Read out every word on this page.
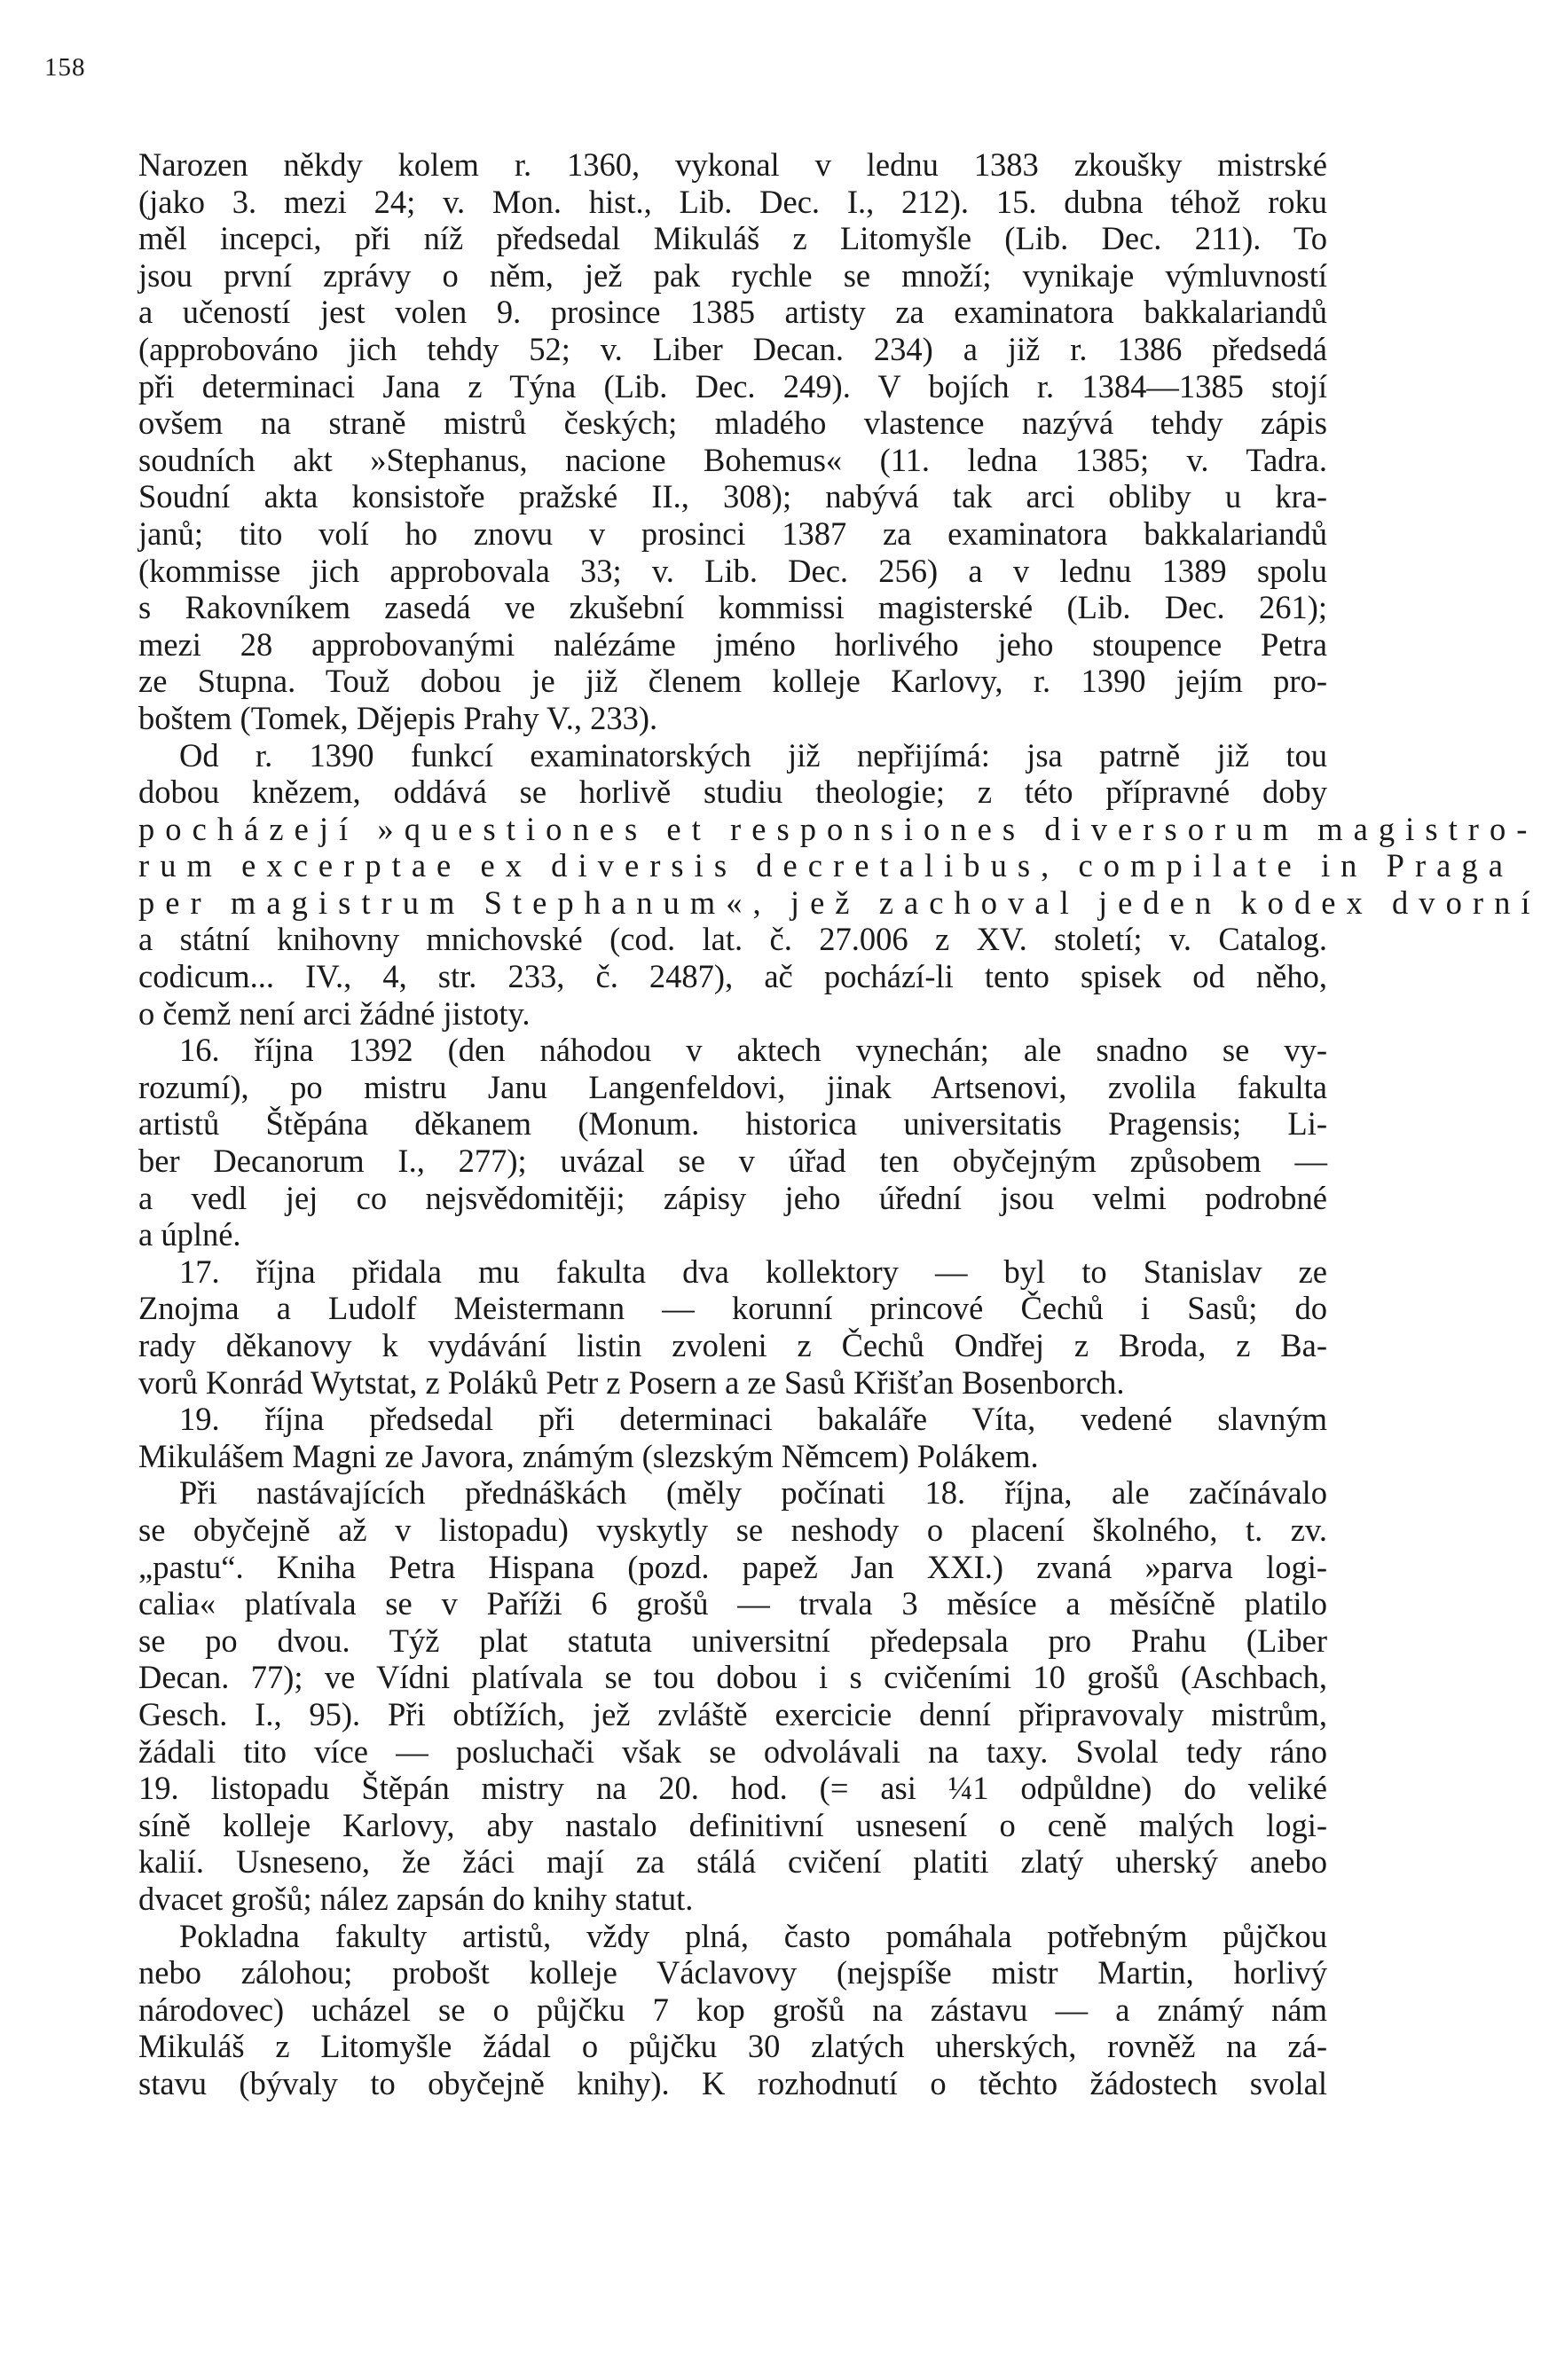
158
Narozen někdy kolem r. 1360, vykonal v lednu 1383 zkoušky mistrské
(jako 3. mezi 24; v. Mon. hist., Lib. Dec. I., 212). 15. dubna téhož roku
měl incepci, při níž předsedal Mikuláš z Litomyšle (Lib. Dec. 211). To
jsou první zprávy o něm, jež pak rychle se množí; vynikaje výmluvností
a učeností jest volen 9. prosince 1385 artisty za examinatora bakkalariandů
(approbováno jich tehdy 52; v. Liber Decan. 234) a již r. 1386 předsedá
při determinaci Jana z Týna (Lib. Dec. 249). V bojích r. 1384—1385 stojí
ovšem na straně mistrů českých; mladého vlastence nazývá tehdy zápis
soudních akt »Stephanus, nacione Bohemus« (11. ledna 1385; v. Tadra.
Soudní akta konsistoře pražské II., 308); nabývá tak arci obliby u kra-
janů; tito volí ho znovu v prosinci 1387 za examinatora bakkalariandů
(kommisse jich approbovala 33; v. Lib. Dec. 256) a v lednu 1389 spolu
s Rakovníkem zasedá ve zkušební kommissi magisterské (Lib. Dec. 261);
mezi 28 approbovanými nalézáme jméno horlivého jeho stoupence Petra
ze Stupna. Touž dobou je již členem kolleje Karlovy, r. 1390 jejím pro-
boštem (Tomek, Dějepis Prahy V., 233).
Od r. 1390 funkcí examinatorských již nepřijímá: jsa patrně již tou
dobou knězem, oddává se horlivě studiu theologie; z této přípravné doby
pocházejí »questiones et responsiones diversorum magistro-
rum excerptae ex diversis decretalibus, compilate in Praga
per magistrum Stephanum«, jež zachoval jeden kodex dvorní
a státní knihovny mnichovské (cod. lat. č. 27.006 z XV. století; v. Catalog.
codicum... IV., 4, str. 233, č. 2487), ač pochází-li tento spisek od něho,
o čemž není arci žádné jistoty.
16. října 1392 (den náhodou v aktech vynechán; ale snadno se vy-
rozumí), po mistru Janu Langenfeldovi, jinak Artsenovi, zvolila fakulta
artistů Štěpána děkanem (Monum. historica universitatis Pragensis; Li-
ber Decanorum I., 277); uvázal se v úřad ten obyčejným způsobem —
a vedl jej co nejsvědomitěji; zápisy jeho úřední jsou velmi podrobné
a úplné.
17. října přidala mu fakulta dva kollektory — byl to Stanislav ze
Znojma a Ludolf Meistermann — korunní princové Čechů i Sasů; do
rady děkanovy k vydávání listin zvoleni z Čechů Ondřej z Broda, z Ba-
vorů Konrád Wytstat, z Poláků Petr z Posern a ze Sasů Křišťan Bosenborch.
19. října předsedal při determinaci bakaláře Víta, vedené slavným
Mikulášem Magni ze Javora, známým (slezským Němcem) Polákem.
Při nastávajících přednáškách (měly počínati 18. října, ale začínávalo
se obyčejně až v listopadu) vyskytly se neshody o placení školného, t. zv.
„pastu“. Kniha Petra Hispana (pozd. papež Jan XXI.) zvaná »parva logi-
calia« platívala se v Paříži 6 grošů — trvala 3 měsíce a měsíčně platilo
se po dvou. Týž plat statuta universitní předepsala pro Prahu (Liber
Decan. 77); ve Vídni platívala se tou dobou i s cvičeními 10 grošů (Aschbach,
Gesch. I., 95). Při obtížích, jež zvláště exercicie denní připravovaly mistrům,
žádali tito více — posluchači však se odvolávali na taxy. Svolal tedy ráno
19. listopadu Štěpán mistry na 20. hod. (= asi ¼1 odpůldne) do veliké
síně kolleje Karlovy, aby nastalo definitivní usnesení o ceně malých logi-
kalií. Usneseno, že žáci mají za stálá cvičení platiti zlatý uherský anebo
dvacet grošů; nález zapsán do knihy statut.
Pokladna fakulty artistů, vždy plná, často pomáhala potřebným půjčkou
nebo zálohou; probošt kolleje Václavovy (nejspíše mistr Martin, horlivý
národovec) ucházel se o půjčku 7 kop grošů na zástavu — a známý nám
Mikuláš z Litomyšle žádal o půjčku 30 zlatých uherských, rovněž na zá-
stavu (bývaly to obyčejně knihy). K rozhodnutí o těchto žádostech svolal
